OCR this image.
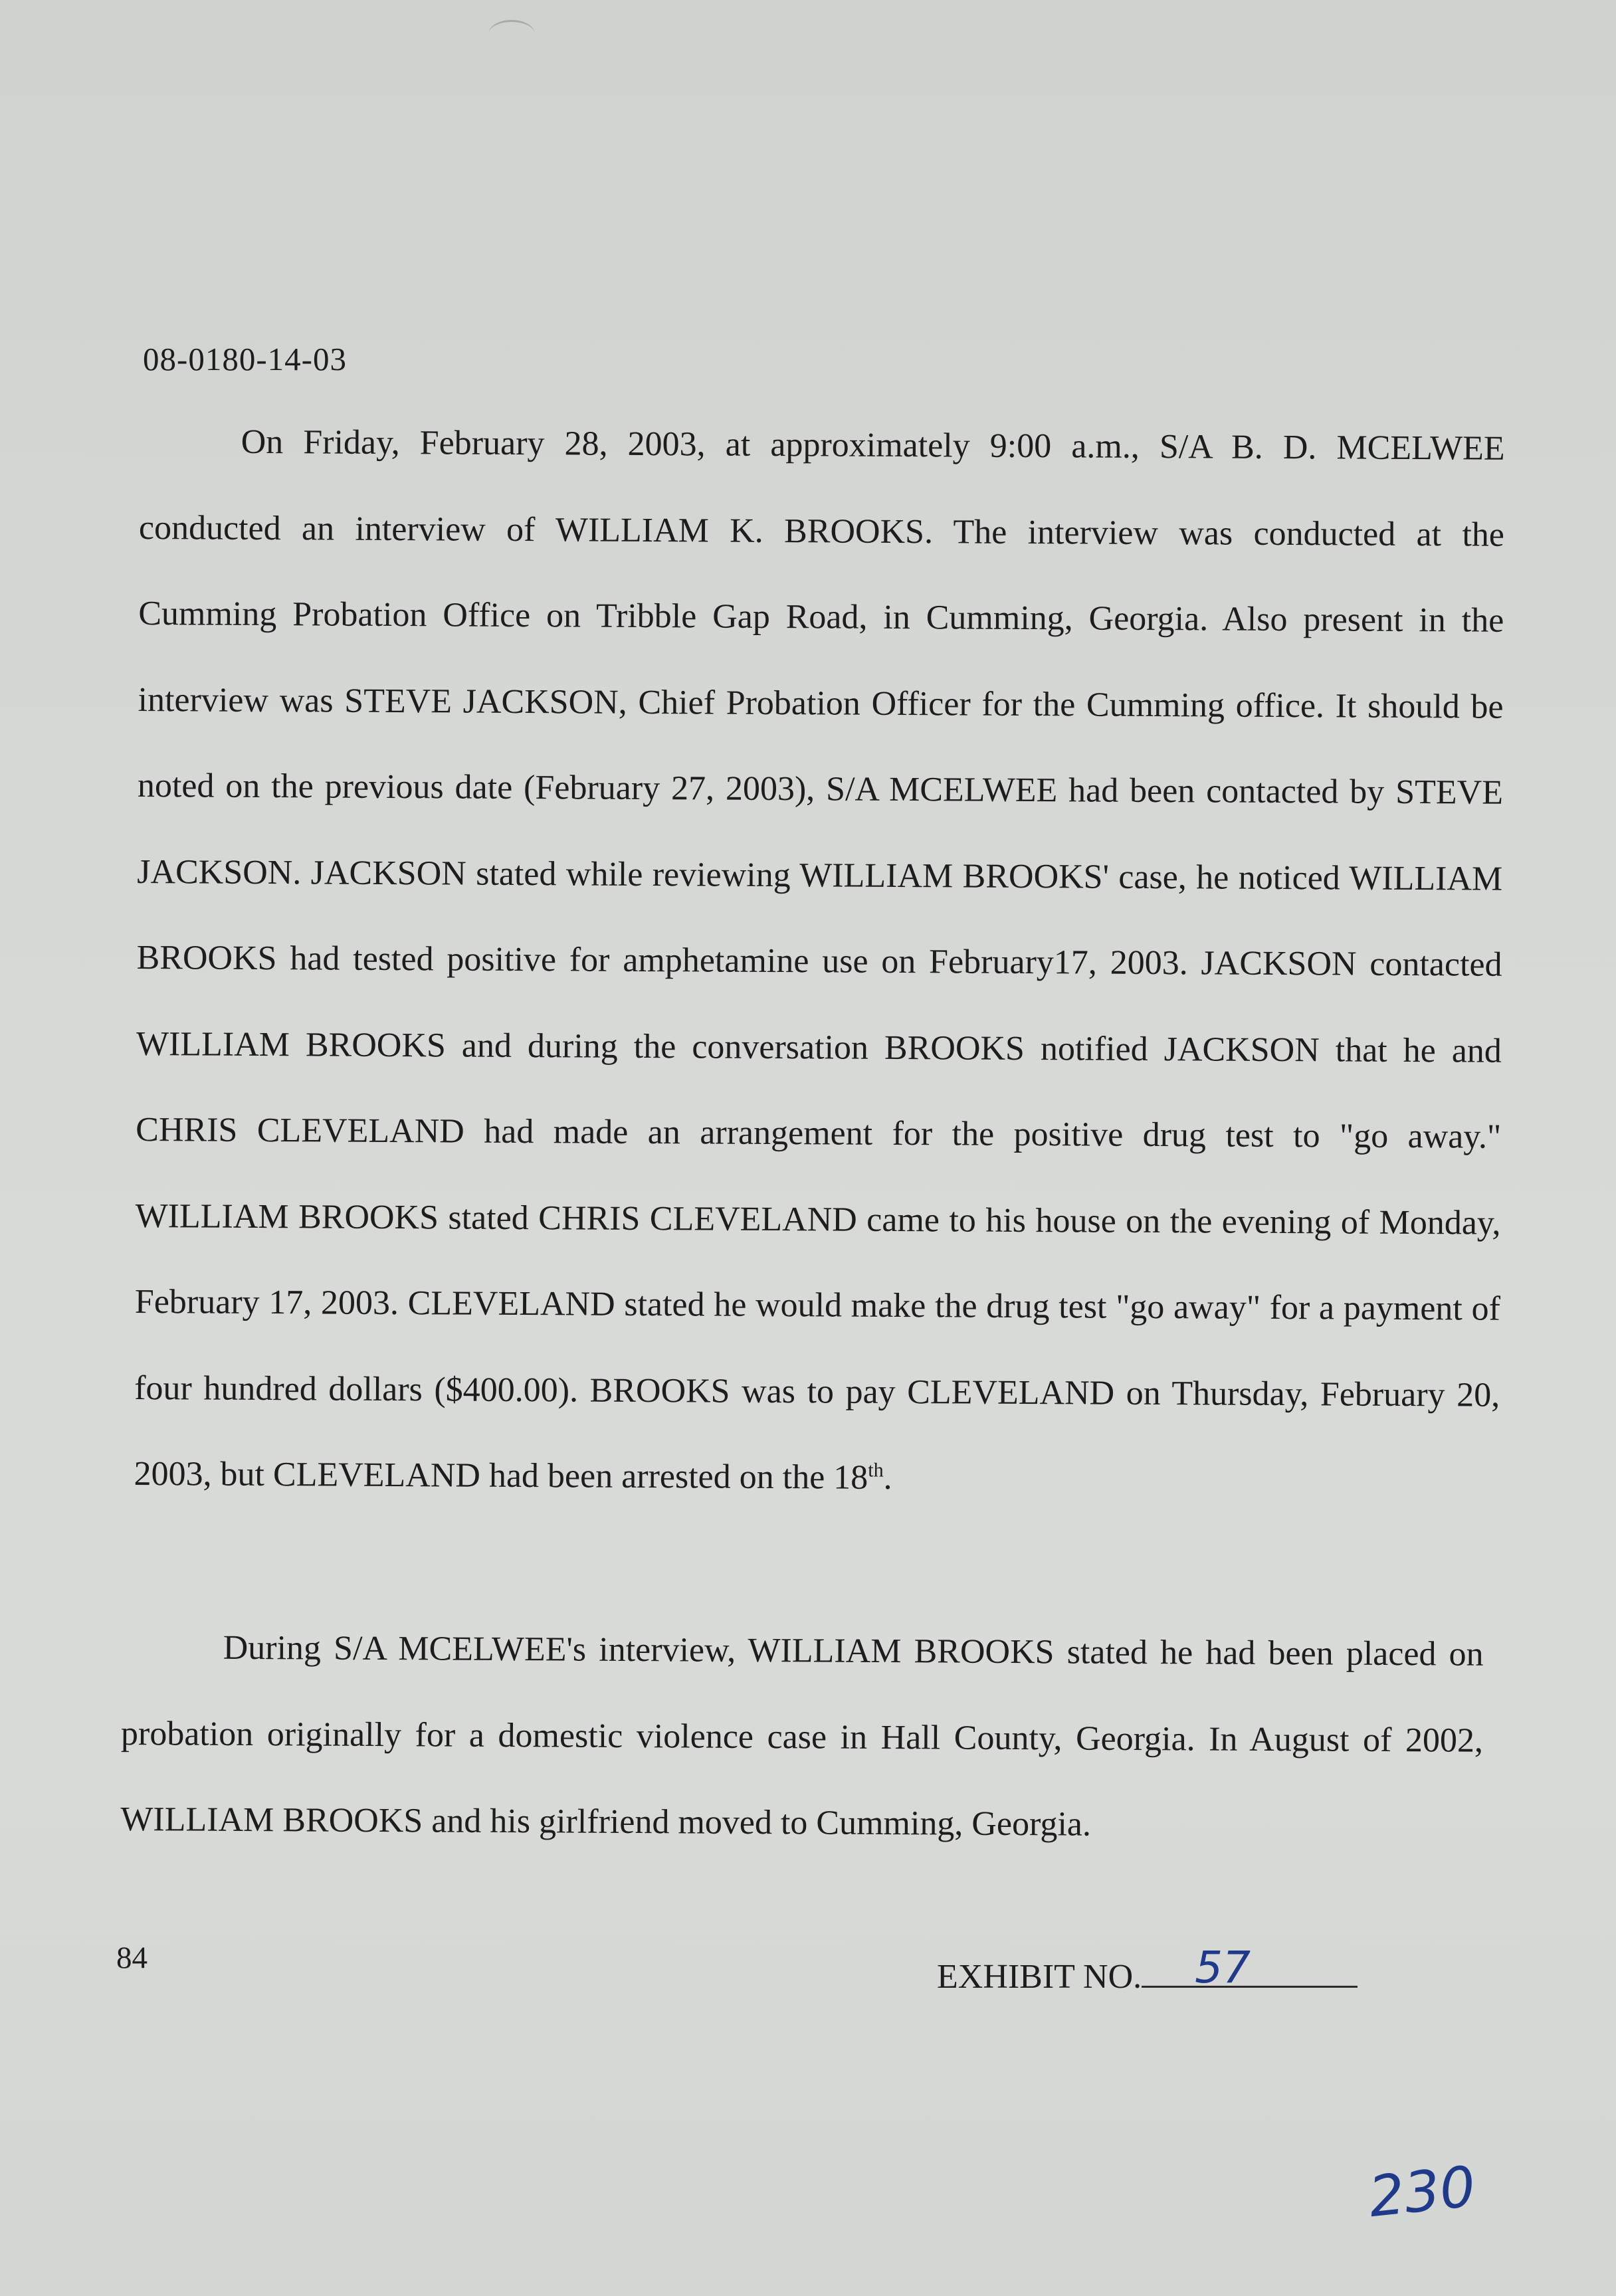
08-0180-14-03

On Friday, February 28, 2003, at approximately 9:00 a.m., S/A B. D. MCELWEE conducted an interview of WILLIAM K. BROOKS. The interview was conducted at the Cumming Probation Office on Tribble Gap Road, in Cumming, Georgia. Also present in the interview was STEVE JACKSON, Chief Probation Officer for the Cumming office. It should be noted on the previous date (February 27, 2003), S/A MCELWEE had been contacted by STEVE JACKSON. JACKSON stated while reviewing WILLIAM BROOKS' case, he noticed WILLIAM BROOKS had tested positive for amphetamine use on February17, 2003. JACKSON contacted WILLIAM BROOKS and during the conversation BROOKS notified JACKSON that he and CHRIS CLEVELAND had made an arrangement for the positive drug test to "go away." WILLIAM BROOKS stated CHRIS CLEVELAND came to his house on the evening of Monday, February 17, 2003. CLEVELAND stated he would make the drug test "go away" for a payment of four hundred dollars ($400.00). BROOKS was to pay CLEVELAND on Thursday, February 20, 2003, but CLEVELAND had been arrested on the 18th.

During S/A MCELWEE's interview, WILLIAM BROOKS stated he had been placed on probation originally for a domestic violence case in Hall County, Georgia. In August of 2002, WILLIAM BROOKS and his girlfriend moved to Cumming, Georgia.

84	EXHIBIT NO. 57
230
